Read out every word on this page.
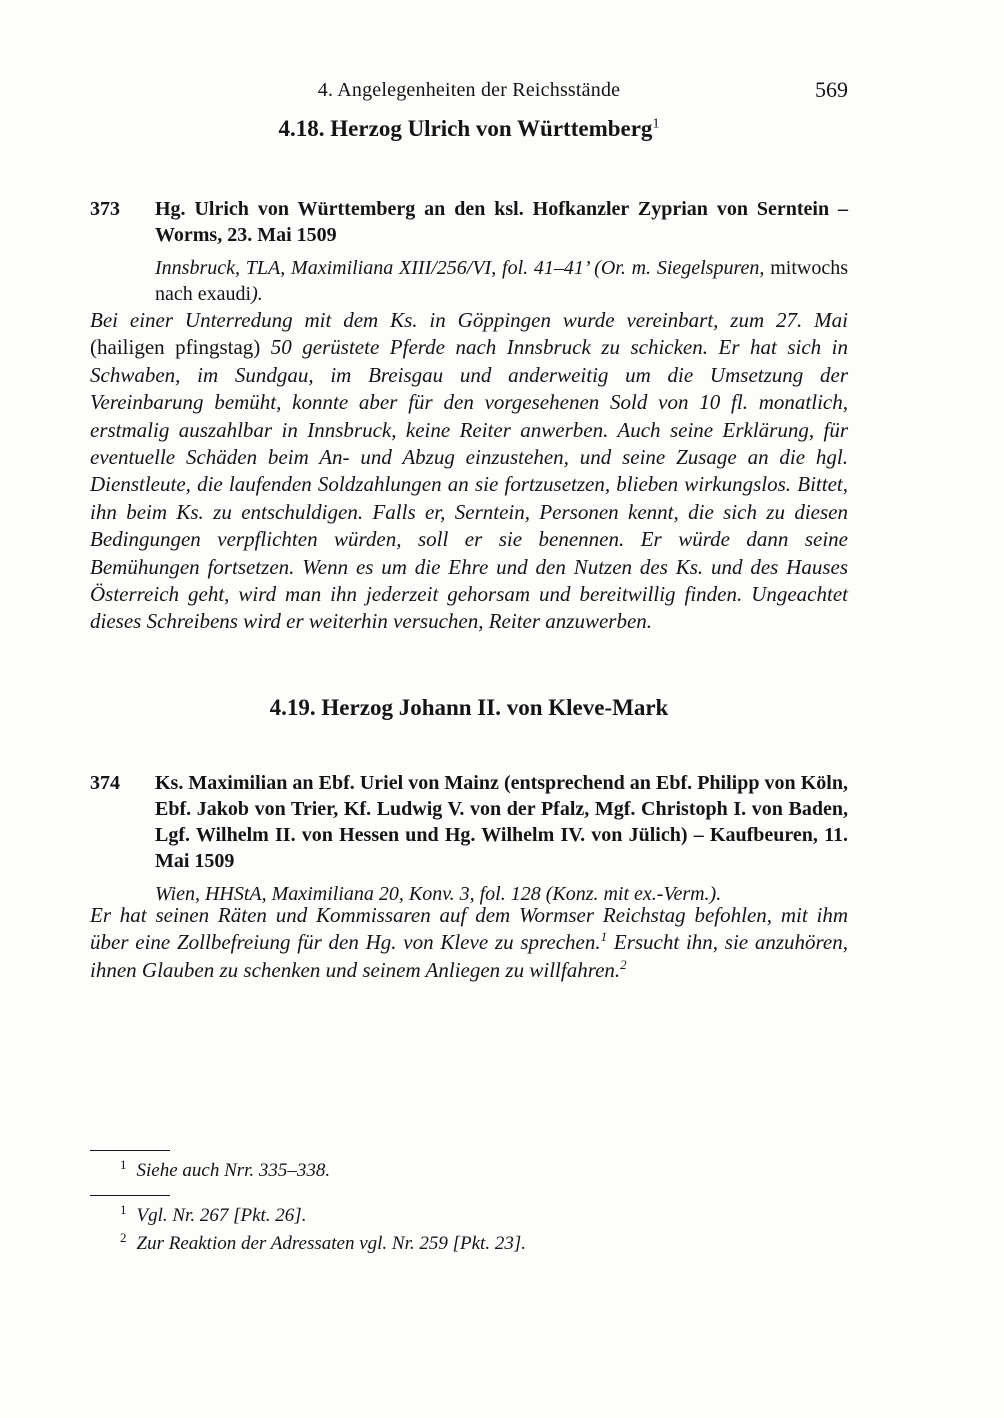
4. Angelegenheiten der Reichsstände	569
4.18. Herzog Ulrich von Württemberg$^1$
373	Hg. Ulrich von Württemberg an den ksl. Hofkanzler Zyprian von Serntein – Worms, 23. Mai 1509

Innsbruck, TLA, Maximiliana XIII/256/VI, fol. 41–41’ (Or. m. Siegelspuren, mitwochs nach exaudi).

Bei einer Unterredung mit dem Ks. in Göppingen wurde vereinbart, zum 27. Mai (hailigen pfingstag) 50 gerüstete Pferde nach Innsbruck zu schicken. Er hat sich in Schwaben, im Sundgau, im Breisgau und anderweitig um die Umsetzung der Vereinbarung bemüht, konnte aber für den vorgesehenen Sold von 10 fl. monatlich, erstmalig auszahlbar in Innsbruck, keine Reiter anwerben. Auch seine Erklärung, für eventuelle Schäden beim An- und Abzug einzustehen, und seine Zusage an die hgl. Dienstleute, die laufenden Soldzahlungen an sie fortzusetzen, blieben wirkungslos. Bittet, ihn beim Ks. zu entschuldigen. Falls er, Serntein, Personen kennt, die sich zu diesen Bedingungen verpflichten würden, soll er sie benennen. Er würde dann seine Bemühungen fortsetzen. Wenn es um die Ehre und den Nutzen des Ks. und des Hauses Österreich geht, wird man ihn jederzeit gehorsam und bereitwillig finden. Ungeachtet dieses Schreibens wird er weiterhin versuchen, Reiter anzuwerben.

4.19. Herzog Johann II. von Kleve-Mark
374	Ks. Maximilian an Ebf. Uriel von Mainz (entsprechend an Ebf. Philipp von Köln, Ebf. Jakob von Trier, Kf. Ludwig V. von der Pfalz, Mgf. Christoph I. von Baden, Lgf. Wilhelm II. von Hessen und Hg. Wilhelm IV. von Jülich) – Kaufbeuren, 11. Mai 1509

Wien, HHStA, Maximiliana 20, Konv. 3, fol. 128 (Konz. mit ex.-Verm.).

Er hat seinen Räten und Kommissaren auf dem Wormser Reichstag befohlen, mit ihm über eine Zollbefreiung für den Hg. von Kleve zu sprechen.$^1$ Ersucht ihn, sie anzuhören, ihnen Glauben zu schenken und seinem Anliegen zu willfahren.$^2$

$^1$ Siehe auch Nrr. 335–338.
$^1$ Vgl. Nr. 267 [Pkt. 26].
$^2$ Zur Reaktion der Adressaten vgl. Nr. 259 [Pkt. 23].
